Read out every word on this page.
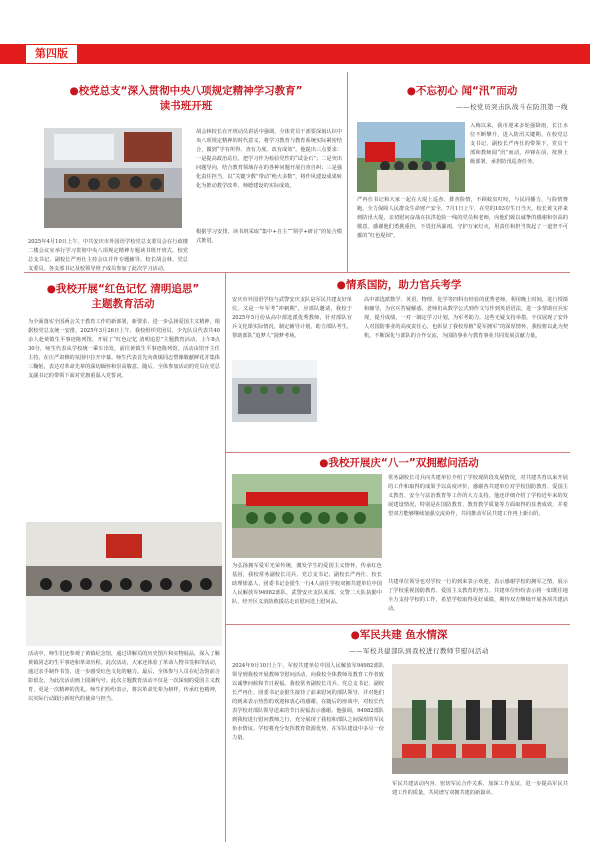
第四版
●校党总支“深入贯彻中央八项规定精神学习教育”
读书班开班
2025年4月10日上午，中共安庆市外国语学校党总支委员会在行政楼二楼会议室举行学习贯彻中央八项规定精神专题读书班开班式。校党总支书记、副校长严再仕主持会议并作专题辅导，校长胡会林、党总支委员、各支部书记及校领导班子成员参加了此次学习活动。
胡会林校长在开班动员讲话中强调，全体党员干部要深刻认识中央八项规定精神的时代意义，将学习教育与教育系统实际紧密结合，做到“学有所得、查有力度、改有成效”。他提出三点要求：一是提高政治站位，把学习作为检验党性的“试金石”；二是突出问题导向，结合教育领域存在的各种问题开展自查自纠；三是强化责任担当，以“关键少数”带动“绝大多数”，将作风建设成果转化为推动教学改革、师德建设的实际成效。
根据学习安排，读书班采取“集中+自主”“领学+研讨”的复合模式推进。
●不忘初心 闻“汛”而动
——校党员突击队战斗在防汛第一线
入梅以来，我市迎来多轮强降雨，长江水位不断攀升，进入防汛关键期。在校党总支书记、副校长严再仕的带领下，党员干部和教师闻“汛”而动，冲锋在前，按照上级部署，承担防汛巡查任务。
严再仕书记和大家一起在大堤上巡查、排查险情，不顾蚊虫叮咬，与民同播力，与险情赛跑。全力保障人民群众生命财产安全，7月1日上午，在党的103岁生日当天，校长黄文祥来到防汛大堤，亲切慰问奋战在抗洪抢险一线的党员和老师，向他们致以诚挚的感谢和崇高的敬意。感谢他们勇挑重担，不畏狂风暴雨，守护万家灯火，用责任和担当筑起了一道坚不可摧的“红色堤坝”。
●我校开展“红色记忆 清明追思”
主题教育活动
为全面落实全国两会关于教育工作的新部署，新要求，进一步弘扬爱国主义精神，根据校党总支统一安排，2025年3月26日上午，我校组织党团员、少先队员代表共40余人赴黄镇生平事迹陈列馆，开展了“红色记忆 清明追思”主题教育活动。上午8点30分，师生代表从学校统一乘车出发，前往黄镇生平事迹陈列馆。活动由馆开主任主持，在庄严肃穆的氛围中拉开序幕。师生代表首先向黄镇同志塑像敬献鲜花并集体三鞠躬，表达对革命先辈的深切缅怀和崇高敬意。随后，全体参加活动的党员在党总支副书记的带领下面对党旗重温入党誓词。
活动中，师生们还参观了黄镇纪念馆，通过讲解员的历史图片和实物展品，深入了解黄镇同志的生平事迹和革命历程。此次活动，大家还体验了革命人物书签和印活动，通过亲手制作书签，进一步感受红色文化的魅力。最后，全体参与人员在纪念馆前合影留念，为此次活动画上圆满句号。此次主题教育活动不仅是一次深刻的爱国主义教育，更是一次精神的洗礼。师生们纷纷表示，将以革命先辈为榜样，传承红色精神，以实际行动践行新时代的使命与担当。
●情系国防，助力官兵考学
安庆市外国语学校与武警安庆支队是军民共建友好单位。又是一年军考“冲刺期”，应部队邀请，我校于2025年5月份从高中部选派优秀教师，针对部队官兵文化课实际情况，制定辅导计划，助力部队考生，帮助部队“追梦人”圆梦考场。
高中部选派数学、英语、物理、化学等四科有经验的优秀老师，利用晚上时间，进行授课和辅导，为官兵答疑解惑，老师们从数学公式到作文写作到英语语法，进一步帮助官兵实现，提升成绩，一对一制定学习计划，为军考助力。这些无疑支持举措，不仅展现了安外人对国防事业的高度责任心，也彰显了我校厚植“爱军拥军”的深厚情怀，我校将以此为契机，不断深化与部队的合作交流，为国防事业与教育事业共同发展贡献力量。
●我校开展庆“八一”双拥慰问活动
为弘扬拥军爱军光荣传统，激发学生的爱国主义情怀，传承红色基因，我校常务副校长司兵、党总支书记、副校长严再仕、校长助理徐嘉人、团委书记金银生一行4人前往学校双拥共建单位中国人民解放军94982部队、武警安庆支队某部、交警二大队执勤中队、经开区义消防救援站走访慰问送上慰问品。
常务副校长司兵向共建单位介绍了学校现阶段发展情况，对共建共育以来开展的工作和取得的成果予以高度评价，感谢各共建单位对学校国防教育、爱国主义教育、安全与法治教育等工作的大力支持。他还详细介绍了学校近年来的发展建设情况，特别是在国防教育、教育教学质量等方面取得的显著成效，并希望双方能够继续加强交流协作，共同推动军民共建工作再上新台阶。
共建单位领导也对学校一行的到来表示欢迎，表示感谢学校的拥军之情，展示了学校重视国防教育、爱国主义教育的努力。共建单位纷纷表示将一如既往地全力支持学校的工作，希望学校取得更好成绩，期待双方继续开展各项共建活动。
●军民共建 鱼水情深
——军校共建部队到我校进行教师节慰问活动
2024年9月10日上午，军校共建单位中国人民解放军94982部队领导到我校开展教师节慰问活动，向我校全体教师及教育工作者致以诚挚问候和节日祝福。我校常务副校长司兵、党总支书记、副校长严再仕、团委书记金银生接待了前来慰问的部队领导，并对他们的到来表示热烈的欢迎和衷心的感谢。在随后的座谈中，对校长代表学校对部队领导送来的节日祝福表示感谢。他强调，94982部队到我校进行慰问教师之行，充分展现了我校和部队之间深厚的军民鱼水情谊，学校将充分发挥教育资源优势，在军队建设中多尽一份力量。
军民共建活动内容、密切军民合作关系，加深工作友谊，进一步提高军民共建工作的质量，共同谱写双拥共建的新篇章。
